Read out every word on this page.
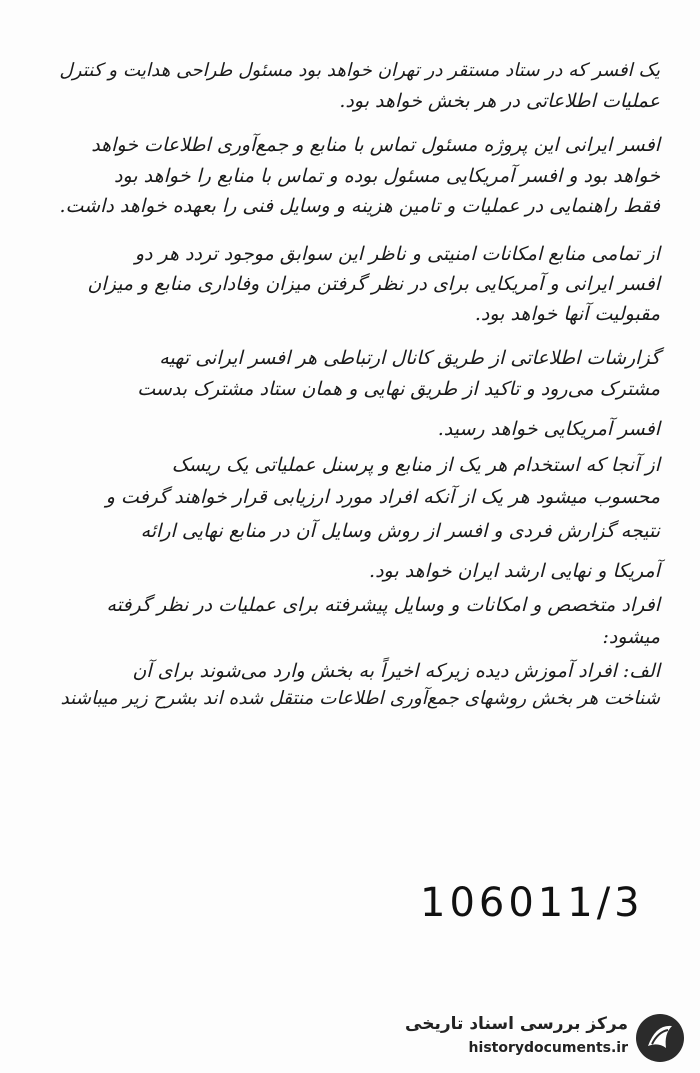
یک افسر که در ستاد مستقر در تهران خواهد بود مسئول طراحی هدایت و کنترل
عملیات اطلاعاتی در هر بخش خواهد بود.
افسر ایرانی این پروژه مسئول تماس با منابع و جمع‌آوری اطلاعات خواهد
خواهد بود و افسر آمریکایی مسئول بوده و تماس با منابع را خواهد بود
فقط راهنمایی در عملیات و تامین هزینه و وسایل فنی را بعهده خواهد داشت.
از تمامی منابع امکانات امنیتی و ناظر این سوابق موجود تردد هر دو
افسر ایرانی و آمریکایی برای در نظر گرفتن میزان وفاداری منابع و میزان
مقبولیت آنها خواهد بود.
گزارشات اطلاعاتی از طریق کانال ارتباطی هر افسر ایرانی تهیه
مشترک می‌رود و تاکید از طریق نهایی و همان ستاد مشترک بدست
افسر آمریکایی خواهد رسید.
از آنجا که استخدام هر یک از منابع و پرسنل عملیاتی یک ریسک
محسوب میشود هر یک از آنکه افراد مورد ارزیابی قرار خواهند گرفت و
نتیجه گزارش فردی و افسر از روش وسایل آن در منابع نهایی ارائه
آمریکا و نهایی ارشد ایران خواهد بود.
افراد متخصص و امکانات و وسایل پیشرفته برای عملیات در نظر گرفته
میشود:
الف: افراد آموزش دیده زیرکه اخیراً به بخش وارد می‌شوند برای آن
شناخت هر بخش روشهای جمع‌آوری اطلاعات منتقل شده اند بشرح زیر میباشند
106011/3
مرکز بررسی اسناد تاریخی
historydocuments.ir
